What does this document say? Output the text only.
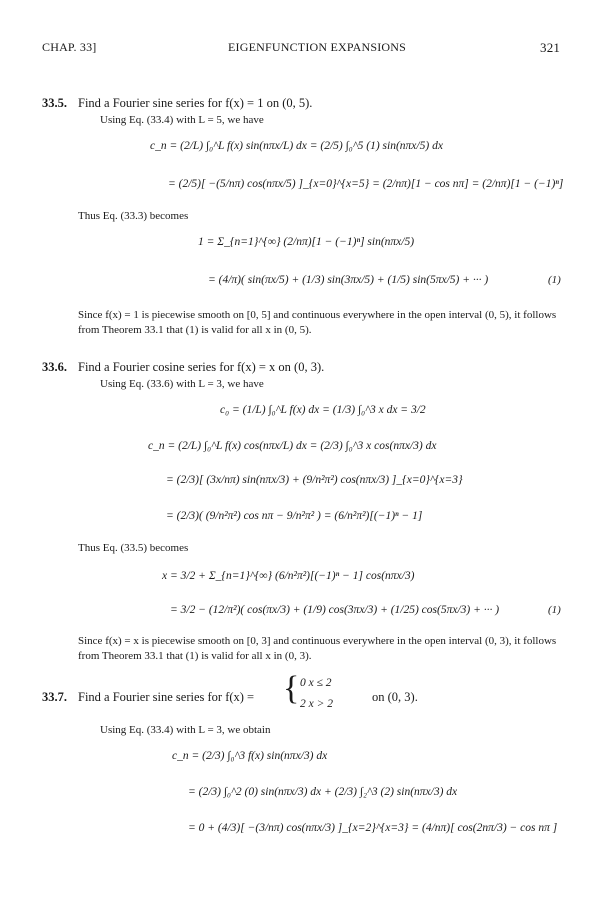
CHAP. 33]	EIGENFUNCTION EXPANSIONS	321
33.5. Find a Fourier sine series for f(x) = 1 on (0, 5).
Using Eq. (33.4) with L = 5, we have
c_n = (2/L) ∫₀^L f(x) sin(nπx/L) dx = (2/5) ∫₀^5 (1) sin(nπx/5) dx
= (2/5)[ −(5/nπ) cos(nπx/5) ]_{x=0}^{x=5} = (2/nπ)[1 − cos nπ] = (2/nπ)[1 − (−1)ⁿ]
Thus Eq. (33.3) becomes
1 = Σ_{n=1}^{∞} (2/nπ)[1 − (−1)ⁿ] sin(nπx/5)
= (4/π)( sin(πx/5) + (1/3) sin(3πx/5) + (1/5) sin(5πx/5) + ··· )	(1)
Since f(x) = 1 is piecewise smooth on [0, 5] and continuous everywhere in the open interval (0, 5), it follows from Theorem 33.1 that (1) is valid for all x in (0, 5).
33.6. Find a Fourier cosine series for f(x) = x on (0, 3).
Using Eq. (33.6) with L = 3, we have
c₀ = (1/L) ∫₀^L f(x) dx = (1/3) ∫₀^3 x dx = 3/2
c_n = (2/L) ∫₀^L f(x) cos(nπx/L) dx = (2/3) ∫₀^3 x cos(nπx/3) dx
= (2/3)[ (3x/nπ) sin(nπx/3) + (9/n²π²) cos(nπx/3) ]_{x=0}^{x=3}
= (2/3)( (9/n²π²) cos nπ − 9/n²π² ) = (6/n²π²)[(−1)ⁿ − 1]
Thus Eq. (33.5) becomes
x = 3/2 + Σ_{n=1}^{∞} (6/n²π²)[(−1)ⁿ − 1] cos(nπx/3)
= 3/2 − (12/π²)( cos(πx/3) + (1/9) cos(3πx/3) + (1/25) cos(5πx/3) + ··· )	(1)
Since f(x) = x is piecewise smooth on [0, 3] and continuous everywhere in the open interval (0, 3), it follows from Theorem 33.1 that (1) is valid for all x in (0, 3).
33.7. Find a Fourier sine series for f(x) = { 0 x ≤ 2
2 x > 2	on (0, 3).
Using Eq. (33.4) with L = 3, we obtain
c_n = (2/3) ∫₀^3 f(x) sin(nπx/3) dx
= (2/3) ∫₀^2 (0) sin(nπx/3) dx + (2/3) ∫₂^3 (2) sin(nπx/3) dx
= 0 + (4/3)[ −(3/nπ) cos(nπx/3) ]_{x=2}^{x=3} = (4/nπ)[ cos(2nπ/3) − cos nπ ]
